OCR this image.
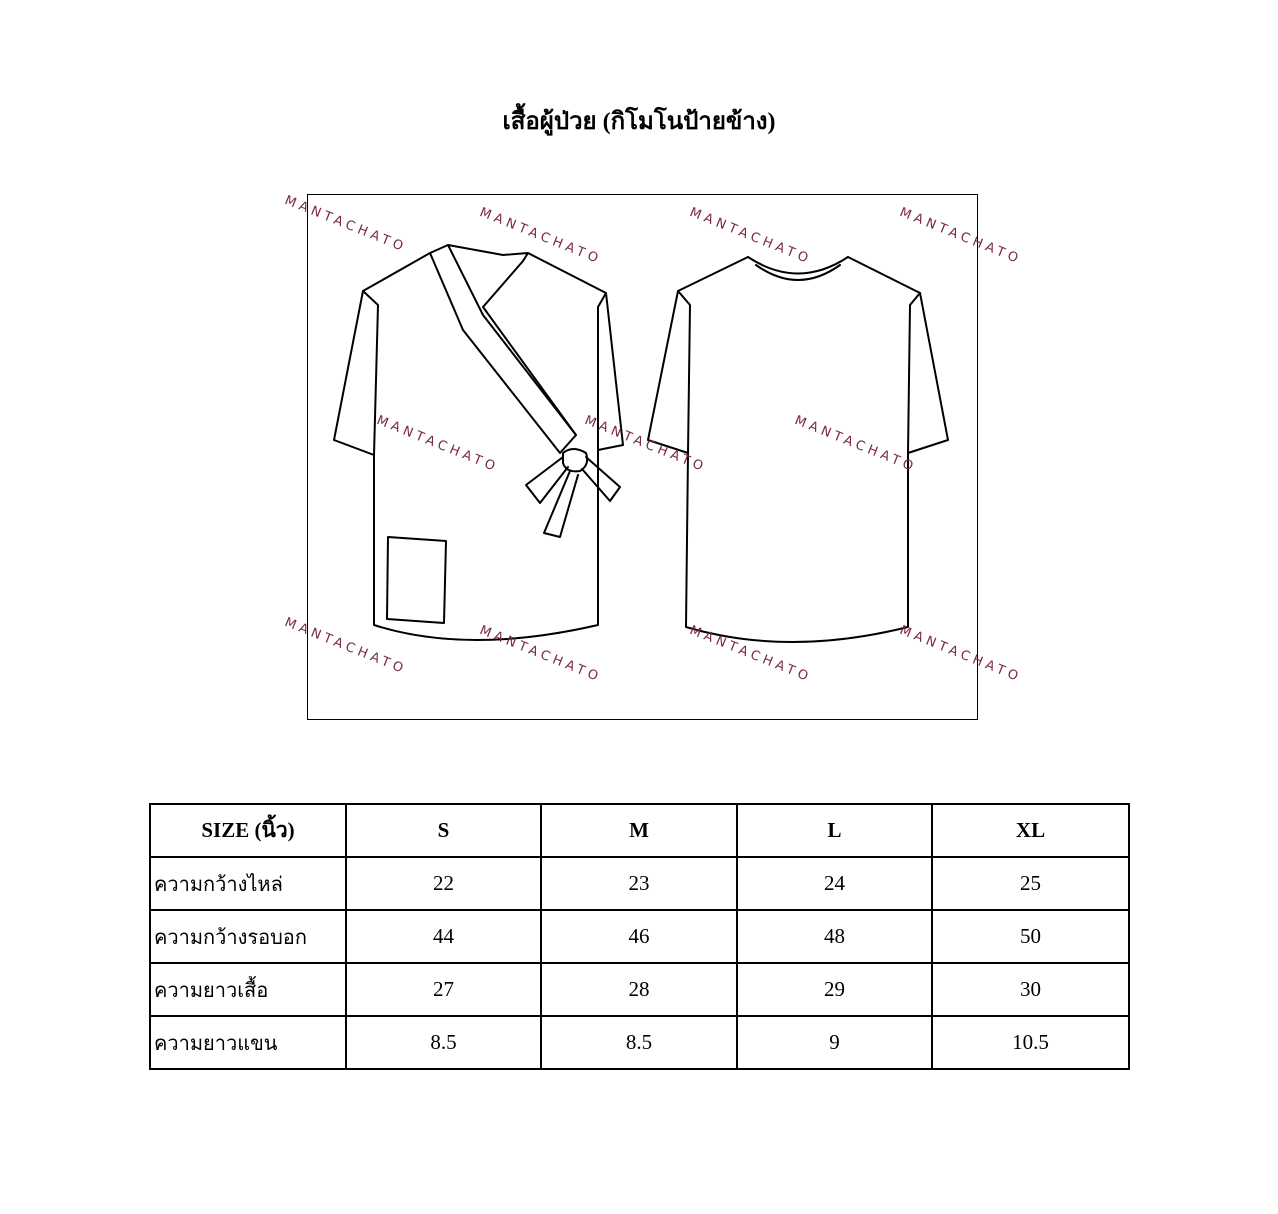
เสื้อผู้ป่วย (กิโมโนป้ายข้าง)
MANTACHATO	MANTACHATO	MANTACHATO	MANTACHATO
MANTACHATO	MANTACHATO	MANTACHATO
MANTACHATO	MANTACHATO	MANTACHATO	MANTACHATO
SIZE (นิ้ว)	S	M	L	XL
ความกว้างไหล่	22	23	24	25
ความกว้างรอบอก	44	46	48	50
ความยาวเสื้อ	27	28	29	30
ความยาวแขน	8.5	8.5	9	10.5
